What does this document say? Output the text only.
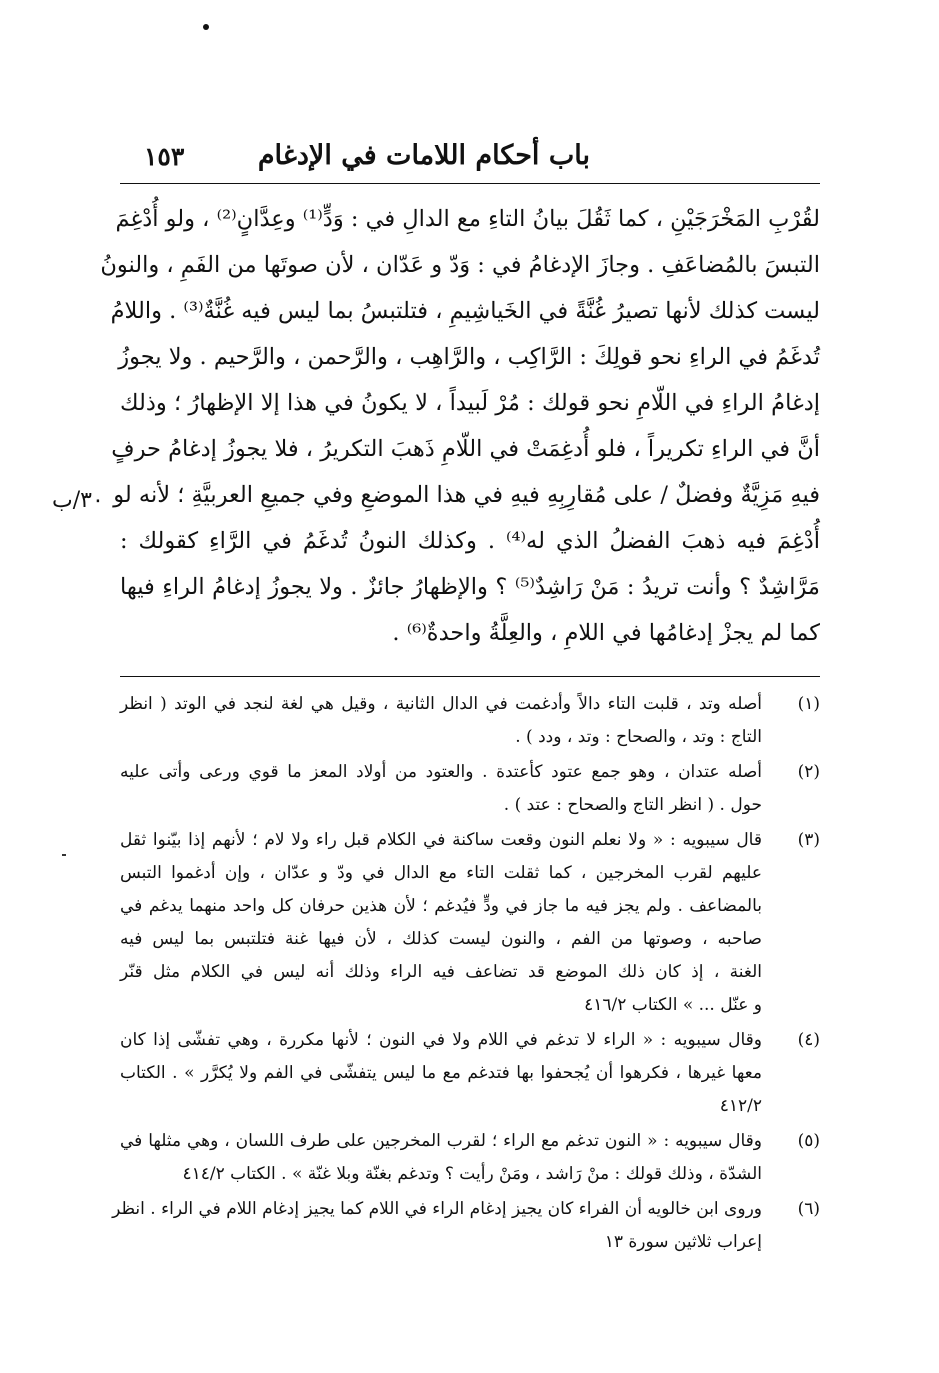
باب أحكام اللامات في الإدغام
١٥٣
٣٠/ب
لقُرْبِ المَخْرَجَيْنِ ، كما ثَقُلَ بيانُ التاءِ مع الدالِ في : وَدٍّ⁽¹⁾ وعِدَّانٍ⁽²⁾ ، ولو أُدْغِمَ
التبسَ بالمُضاعَفِ . وجازَ الإدغامُ في : وَدّ و عَدّان ، لأن صوتَها من الفَمِ ، والنونُ
ليست كذلك لأنها تصيرُ غُنَّةً في الخَياشِيمِ ، فتلتبسُ بما ليس فيه غُنَّةٌ⁽³⁾ . واللامُ
تُدغَمُ في الراءِ نحو قولِكَ : الرَّاكِب ، والرَّاهِب ، والرَّحمن ، والرَّحيم . ولا يجوزُ
إدغامُ الراءِ في اللّامِ نحو قولك : مُرْ لَبيداً ، لا يكونُ في هذا إلا الإظهارُ ؛ وذلك
أنَّ في الراءِ تكريراً ، فلو أُدغِمَتْ في اللّامِ ذَهبَ التكريرُ ، فلا يجوزُ إدغامُ حرفٍ
فيهِ مَزِيَّةٌ وفضلٌ / على مُقارِبِهِ فيهِ في هذا الموضعِ وفي جميعِ العربيَّةِ ؛ لأنه لو
أُدْغِمَ فيه ذهبَ الفضلُ الذي له⁽⁴⁾ . وكذلك النونُ تُدغَمُ في الرَّاءِ كقولك :
مَرَّاشِدٌ ؟ وأنت تريدُ : مَنْ رَاشِدٌ⁽⁵⁾ ؟ والإظهارُ جائزٌ . ولا يجوزُ إدغامُ الراءِ فيها
كما لم يجزْ إدغامُها في اللامِ ، والعِلَّةُ واحدةٌ⁽⁶⁾ .
(١)
أصله وتد ، قلبت التاء دالاً وأدغمت في الدال الثانية ، وقيل هي لغة لنجد في الوتد ( انظر
التاج : وتد ، والصحاح : وتد ، ودد ) .
(٢)
أصله عتدان ، وهو جمع عتود كأعتدة . والعتود من أولاد المعز ما قوي ورعى وأتى عليه
حول . ( انظر التاج والصحاح : عتد ) .
(٣)
قال سيبويه : « ولا نعلم النون وقعت ساكنة في الكلام قبل راء ولا لام ؛ لأنهم إذا بيّنوا ثقل
عليهم لقرب المخرجين ، كما ثقلت التاء مع الدال في ودّ و عدّان ، وإن أدغموا التبس
بالمضاعف . ولم يجز فيه ما جاز في ودٍّ فيُدغم ؛ لأن هذين حرفان كل واحد منهما يدغم في
صاحبه ، وصوتها من الفم ، والنون ليست كذلك ، لأن فيها غنة فتلتبس بما ليس فيه
الغنة ، إذ كان ذلك الموضع قد تضاعف فيه الراء وذلك أنه ليس في الكلام مثل قنّر
و عنّل ... » الكتاب ٤١٦/٢
(٤)
وقال سيبويه : « الراء لا تدغم في اللام ولا في النون ؛ لأنها مكررة ، وهي تفشّى إذا كان
معها غيرها ، فكرهوا أن يُجحفوا بها فتدغم مع ما ليس يتفشّى في الفم ولا يُكرَّر » . الكتاب
٤١٢/٢
(٥)
وقال سيبويه : « النون تدغم مع الراء ؛ لقرب المخرجين على طرف اللسان ، وهي مثلها في
الشدّة ، وذلك قولك : منْ رَاشد ، ومَنْ رأيت ؟ وتدغم بغنّة وبلا غنّة » . الكتاب ٤١٤/٢
(٦)
وروى ابن خالويه أن الفراء كان يجيز إدغام الراء في اللام كما يجيز إدغام اللام في الراء . انظر
إعراب ثلاثين سورة ١٣
